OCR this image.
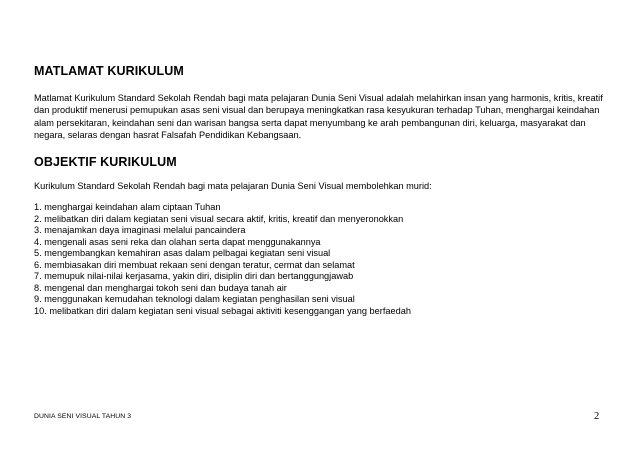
MATLAMAT KURIKULUM

Matlamat Kurikulum Standard Sekolah Rendah bagi mata pelajaran Dunia Seni Visual adalah melahirkan insan yang harmonis, kritis, kreatif dan produktif menerusi pemupukan asas seni visual dan berupaya meningkatkan rasa kesyukuran terhadap Tuhan, menghargai keindahan alam persekitaran, keindahan seni dan warisan bangsa serta dapat menyumbang ke arah pembangunan diri, keluarga, masyarakat dan negara, selaras dengan hasrat Falsafah Pendidikan Kebangsaan.

OBJEKTIF KURIKULUM

Kurikulum Standard Sekolah Rendah bagi mata pelajaran Dunia Seni Visual membolehkan murid:

1. menghargai keindahan alam ciptaan Tuhan
2. melibatkan diri dalam kegiatan seni visual secara aktif, kritis, kreatif dan menyeronokkan
3. menajamkan daya imaginasi melalui pancaindera
4. mengenali asas seni reka dan olahan serta dapat menggunakannya
5. mengembangkan kemahiran asas dalam pelbagai kegiatan seni visual
6. membiasakan diri membuat rekaan seni dengan teratur, cermat dan selamat
7. memupuk nilai-nilai kerjasama, yakin diri, disiplin diri dan bertanggungjawab
8. mengenal dan menghargai tokoh seni dan budaya tanah air
9. menggunakan kemudahan teknologi dalam kegiatan penghasilan seni visual
10. melibatkan diri dalam kegiatan seni visual sebagai aktiviti kesenggangan yang berfaedah
DUNIA SENI VISUAL TAHUN 3	2
